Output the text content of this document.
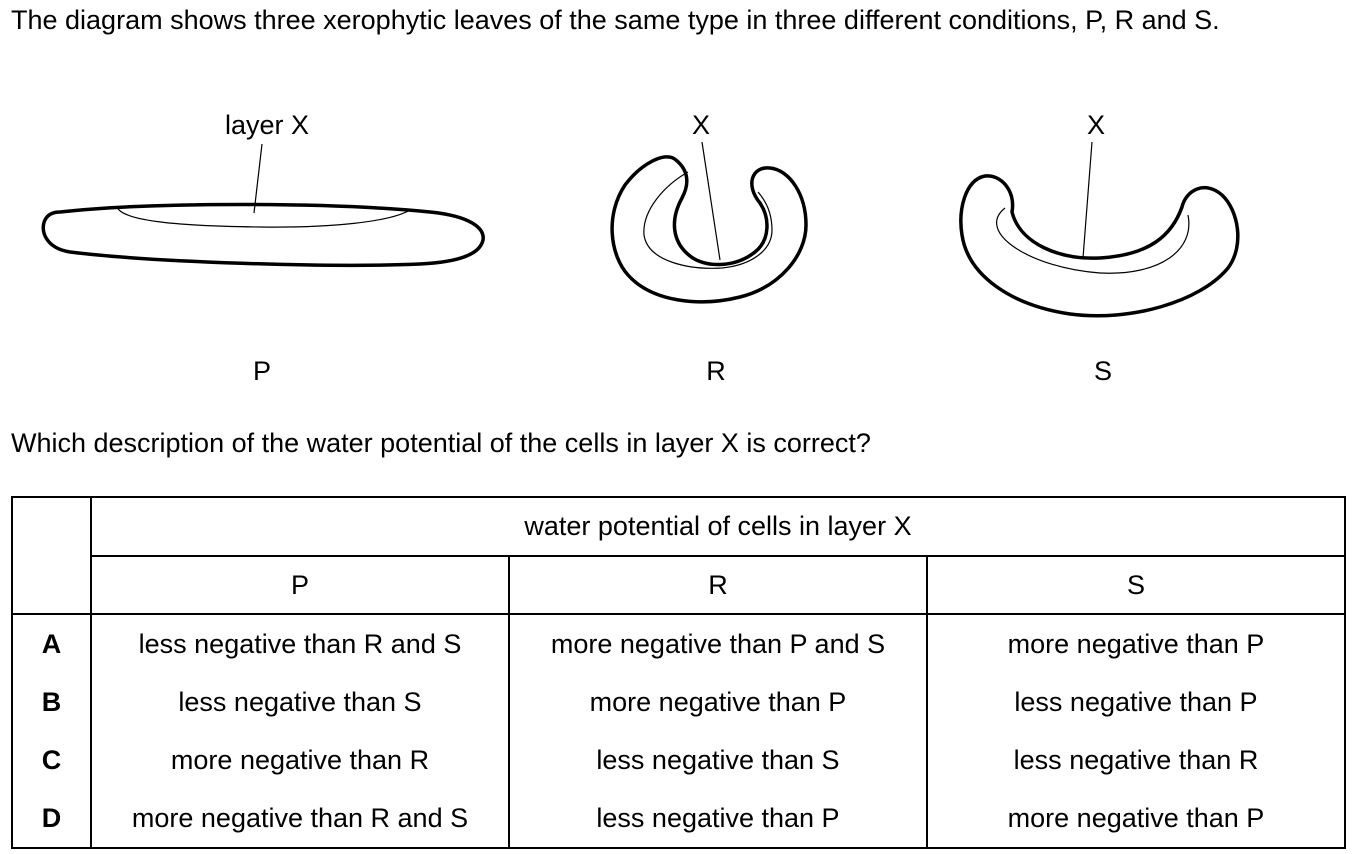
The diagram shows three xerophytic leaves of the same type in three different conditions, P, R and S.

layer X
P
X
R
X
S

Which description of the water potential of the cells in layer X is correct?

	water potential of cells in layer X		
	P	R	S
A	less negative than R and S	more negative than P and S	more negative than P
B	less negative than S	more negative than P	less negative than P
C	more negative than R	less negative than S	less negative than R
D	more negative than R and S	less negative than P	more negative than P
